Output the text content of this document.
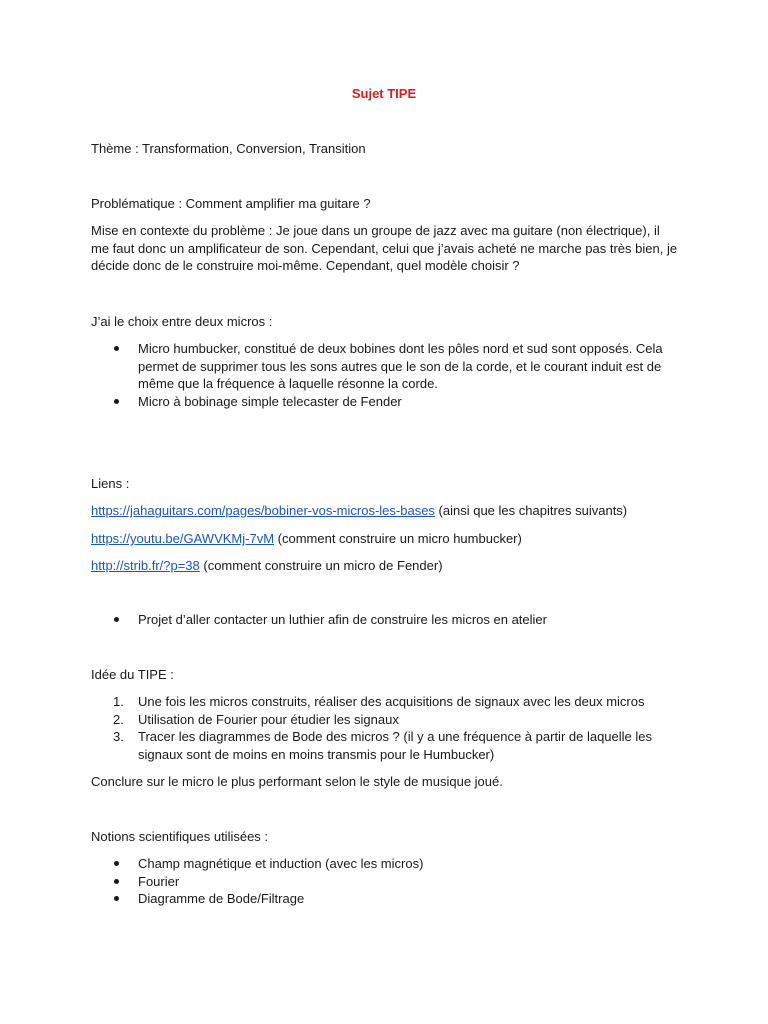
Sujet TIPE

Thème : Transformation, Conversion, Transition

Problématique : Comment amplifier ma guitare ?

Mise en contexte du problème : Je joue dans un groupe de jazz avec ma guitare (non électrique), il me faut donc un amplificateur de son. Cependant, celui que j’avais acheté ne marche pas très bien, je décide donc de le construire moi-même. Cependant, quel modèle choisir ?

J’ai le choix entre deux micros :

Micro humbucker, constitué de deux bobines dont les pôles nord et sud sont opposés. Cela permet de supprimer tous les sons autres que le son de la corde, et le courant induit est de même que la fréquence à laquelle résonne la corde.
Micro à bobinage simple telecaster de Fender

Liens :

https://jahaguitars.com/pages/bobiner-vos-micros-les-bases (ainsi que les chapitres suivants)

https://youtu.be/GAWVKMj-7vM (comment construire un micro humbucker)

http://strib.fr/?p=38 (comment construire un micro de Fender)

Projet d’aller contacter un luthier afin de construire les micros en atelier

Idée du TIPE :

1. Une fois les micros construits, réaliser des acquisitions de signaux avec les deux micros
2. Utilisation de Fourier pour étudier les signaux
3. Tracer les diagrammes de Bode des micros ? (il y a une fréquence à partir de laquelle les signaux sont de moins en moins transmis pour le Humbucker)

Conclure sur le micro le plus performant selon le style de musique joué.

Notions scientifiques utilisées :

Champ magnétique et induction (avec les micros)
Fourier
Diagramme de Bode/Filtrage
